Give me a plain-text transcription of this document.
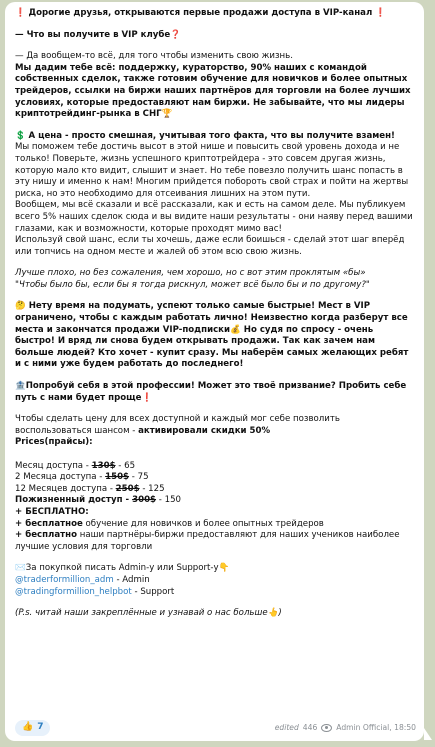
❗ Дорогие друзья, открываются первые продажи доступа в VIP-канал ❗

— Что вы получите в VIP клубе❓

— Да вообщем-то всё, для того чтобы изменить свою жизнь.
Мы дадим тебе всё: поддержку, кураторство, 90% наших с командой собственных сделок, также готовим обучение для новичков и более опытных трейдеров, ссылки на биржи наших партнёров для торговли на более лучших условиях, которые предоставляют нам биржи. Не забывайте, что мы лидеры криптотрейдинг-рынка в СНГ🏆

💲 А цена - просто смешная, учитывая того факта, что вы получите взамен!
Мы поможем тебе достичь высот в этой нише и повысить свой уровень дохода и не только! Поверьте, жизнь успешного криптотрейдера - это совсем другая жизнь, которую мало кто видит, слышит и знает. Но тебе повезло получить шанс попасть в эту нишу и именно к нам! Многим прийдется побороть свой страх и пойти на жертвы риска, но это необходимо для отсеивания лишних на этом пути.
Вообщем, мы всё сказали и всё рассказали, как и есть на самом деле. Мы публикуем всего 5% наших сделок сюда и вы видите наши результаты - они наяву перед вашими глазами, как и возможности, которые проходят мимо вас!
Используй свой шанс, если ты хочешь, даже если боишься - сделай этот шаг вперёд или топчись на одном месте и жалей об этом всю свою жизнь.

Лучше плохо, но без сожаления, чем хорошо, но с вот этим проклятым «бы»
"Чтобы было бы, если бы я тогда рискнул, может всё было бы и по другому?"

🤔 Нету время на подумать, успеют только самые быстрые! Мест в VIP ограничено, чтобы с каждым работать лично! Неизвестно когда разберут все места и закончатся продажи VIP-подписки💰 Но судя по спросу - очень быстро! И вряд ли снова будем открывать продажи. Так как зачем нам больше людей? Кто хочет - купит сразу. Мы наберём самых желающих ребят и с ними уже будем работать до последнего!

🏦Попробуй себя в этой профессии! Может это твоё призвание? Пробить себе путь с нами будет проще❗

Чтобы сделать цену для всех доступной и каждый мог себе позволить воспользоваться шансом - активировали скидки 50%
Prices(прайсы):

Месяц доступа - 130$ - 65
2 Месяца доступа - 150$ - 75
12 Месяцев доступа - 250$ - 125
Пожизненный доступ - 300$ - 150
+ БЕСПЛАТНО:
+ бесплатное обучение для новичков и более опытных трейдеров
+ бесплатно наши партнёры-биржи предоставляют для наших учеников наиболее лучшие условия для торговли

✉️За покупкой писать Admin-у или Support-у👇
@traderformillion_adm - Admin
@tradingformillion_helpbot - Support

(P.s. читай наши закреплённые и узнавай о нас больше👆)

👍 7	edited 446	Admin Official, 18:50
